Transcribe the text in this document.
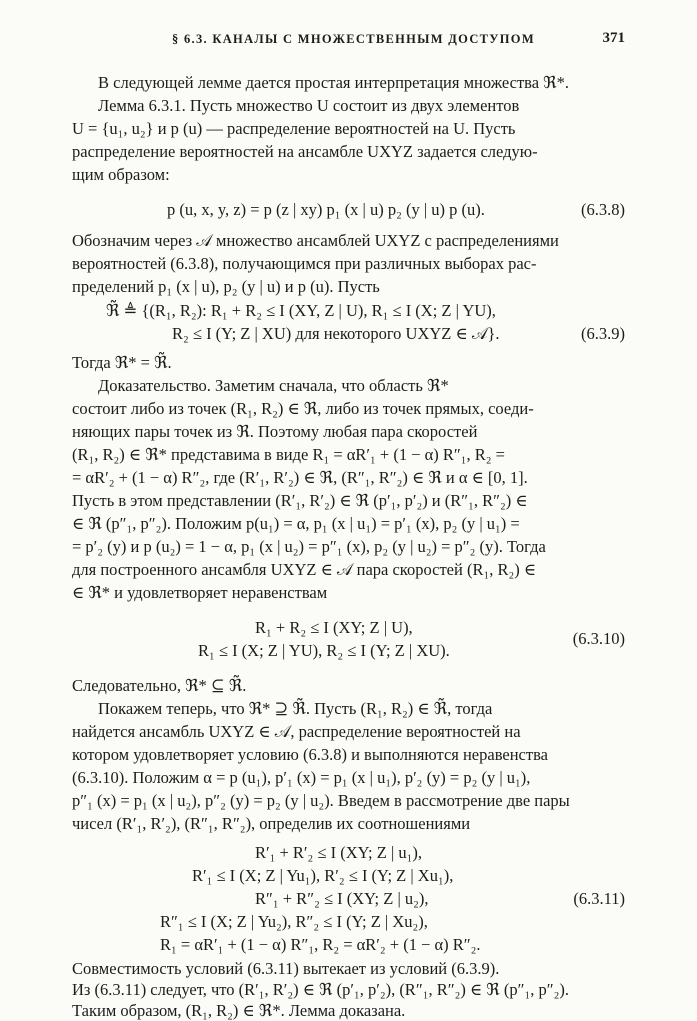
§ 6.3. КАНАЛЫ С МНОЖЕСТВЕННЫМ ДОСТУПОМ	371
В следующей лемме дается простая интерпретация множества ℜ*.
Лемма 6.3.1. Пусть множество U состоит из двух элементов
U = {u₁, u₂} и p (u) — распределение вероятностей на U. Пусть
распределение вероятностей на ансамбле UXYZ задается следую-
щим образом:
p (u, x, y, z) = p (z | xy) p₁ (x | u) p₂ (y | u) p (u).	(6.3.8)
Обозначим через 𝒜 множество ансамблей UXYZ с распределениями
вероятностей (6.3.8), получающимся при различных выборах рас-
пределений p₁ (x | u), p₂ (y | u) и p (u). Пусть
ℜ̃ ≜ {(R₁, R₂): R₁ + R₂ ≤ I (XY, Z | U), R₁ ≤ I (X; Z | YU),
R₂ ≤ I (Y; Z | XU) для некоторого UXYZ ∈ 𝒜}.	(6.3.9)
Тогда ℜ* = ℜ̃.
Доказательство. Заметим сначала, что область ℜ*
состоит либо из точек (R₁, R₂) ∈ ℜ, либо из точек прямых, соеди-
няющих пары точек из ℜ. Поэтому любая пара скоростей
(R₁, R₂) ∈ ℜ* представима в виде R₁ = αR′₁ + (1 − α) R″₁, R₂ =
= αR′₂ + (1 − α) R″₂, где (R′₁, R′₂) ∈ ℜ, (R″₁, R″₂) ∈ ℜ и α ∈ [0, 1].
Пусть в этом представлении (R′₁, R′₂) ∈ ℜ (p′₁, p′₂) и (R″₁, R″₂) ∈
∈ ℜ (p″₁, p″₂). Положим p(u₁) = α, p₁ (x | u₁) = p′₁ (x), p₂ (y | u₁) =
= p′₂ (y) и p (u₂) = 1 − α, p₁ (x | u₂) = p″₁ (x), p₂ (y | u₂) = p″₂ (y). Тогда
для построенного ансамбля UXYZ ∈ 𝒜 пара скоростей (R₁, R₂) ∈
∈ ℜ* и удовлетворяет неравенствам
R₁ + R₂ ≤ I (XY; Z | U),
R₁ ≤ I (X; Z | YU), R₂ ≤ I (Y; Z | XU).
(6.3.10)
Следовательно, ℜ* ⊆ ℜ̃.
Покажем теперь, что ℜ* ⊇ ℜ̃. Пусть (R₁, R₂) ∈ ℜ̃, тогда
найдется ансамбль UXYZ ∈ 𝒜, распределение вероятностей на
котором удовлетворяет условию (6.3.8) и выполняются неравенства
(6.3.10). Положим α = p (u₁), p′₁ (x) = p₁ (x | u₁), p′₂ (y) = p₂ (y | u₁),
p″₁ (x) = p₁ (x | u₂), p″₂ (y) = p₂ (y | u₂). Введем в рассмотрение две пары
чисел (R′₁, R′₂), (R″₁, R″₂), определив их соотношениями
R′₁ + R′₂ ≤ I (XY; Z | u₁),
R′₁ ≤ I (X; Z | Yu₁), R′₂ ≤ I (Y; Z | Xu₁),
R″₁ + R″₂ ≤ I (XY; Z | u₂),
R″₁ ≤ I (X; Z | Yu₂), R″₂ ≤ I (Y; Z | Xu₂),
R₁ = αR′₁ + (1 − α) R″₁, R₂ = αR′₂ + (1 − α) R″₂.
(6.3.11)
Совместимость условий (6.3.11) вытекает из условий (6.3.9).
Из (6.3.11) следует, что (R′₁, R′₂) ∈ ℜ (p′₁, p′₂), (R″₁, R″₂) ∈ ℜ (p″₁, p″₂).
Таким образом, (R₁, R₂) ∈ ℜ*. Лемма доказана.
